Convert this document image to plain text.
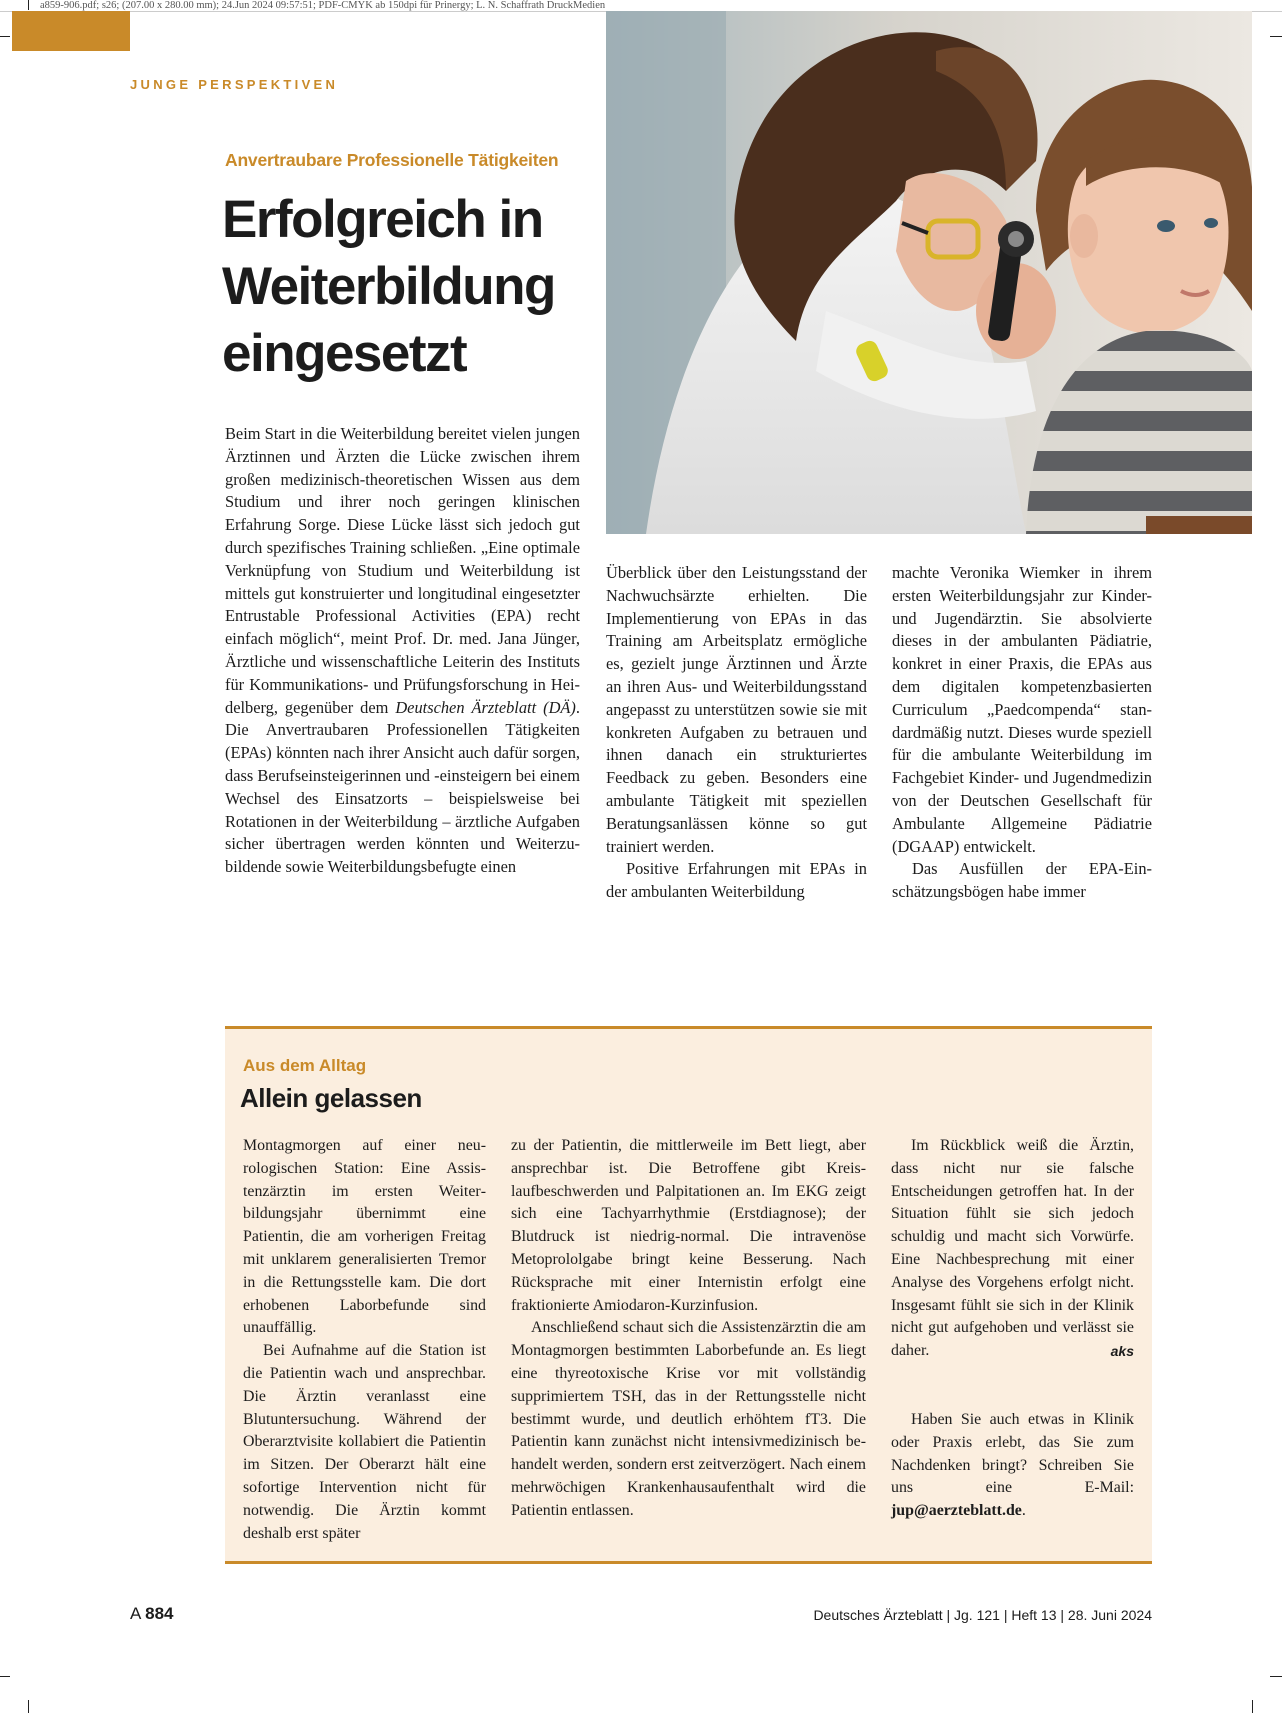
a859-906.pdf; s26; (207.00 x 280.00 mm); 24.Jun 2024 09:57:51; PDF-CMYK ab 150dpi für Prinergy; L. N. Schaffrath DruckMedien
JUNGE PERSPEKTIVEN
Anvertraubare Professionelle Tätigkeiten
Erfolgreich in
Weiterbildung
eingesetzt

Beim Start in die Weiterbildung bereitet vielen jungen Ärztinnen und Ärzten die Lücke zwischen ihrem großen medizinisch-theoretischen Wissen aus dem Studium und ihrer noch geringen klinischen Erfahrung Sorge. Diese Lücke lässt sich jedoch gut durch spezifisches Training schließen. „Eine optimale Verknüpfung von Studium und Weiterbildung ist mittels gut konstruierter und longitudinal eingesetzter Entrustable Professional Activities (EPA) recht einfach möglich“, meint Prof. Dr. med. Jana Jünger, Ärztliche und wissenschaftliche Leiterin des Instituts für Kommunikations- und Prüfungsforschung in Heidelberg, gegenüber dem Deutschen Ärzteblatt (DÄ). Die Anvertraubaren Professionellen Tätigkeiten (EPAs) könnten nach ihrer Ansicht auch dafür sorgen, dass Berufseinsteigerinnen und -einsteigern bei einem Wechsel des Einsatzorts – beispielsweise bei Rotationen in der Weiterbildung – ärztliche Aufgaben sicher übertragen werden könnten und Weiterzubildende sowie Weiterbildungsbefugte einen

Überblick über den Leistungsstand der Nachwuchsärzte erhielten. Die Implementierung von EPAs in das Training am Arbeitsplatz ermögliche es, gezielt junge Ärztinnen und Ärzte an ihren Aus- und Weiterbildungsstand angepasst zu unterstützen sowie sie mit konkreten Aufgaben zu betrauen und ihnen danach ein strukturiertes Feedback zu geben. Besonders eine ambulante Tätigkeit mit speziellen Beratungsanlässen könne so gut trainiert werden.

Positive Erfahrungen mit EPAs in der ambulanten Weiterbildung

machte Veronika Wiemker in ihrem ersten Weiterbildungsjahr zur Kinder- und Jugendärztin. Sie absolvierte dieses in der ambulanten Pädiatrie, konkret in einer Praxis, die EPAs aus dem digitalen kompetenzbasierten Curriculum „Paedcompenda“ standardmäßig nutzt. Dieses wurde speziell für die ambulante Weiterbildung im Fachgebiet Kinder- und Jugendmedizin von der Deutschen Gesellschaft für Ambulante Allgemeine Pädiatrie (DGAAP) entwickelt.

Das Ausfüllen der EPA-Einschätzungsbögen habe immer

Aus dem Alltag
Allein gelassen

Montagmorgen auf einer neurologischen Station: Eine Assistenzärztin im ersten Weiterbildungsjahr übernimmt eine Patientin, die am vorherigen Freitag mit unklarem generalisierten Tremor in die Rettungsstelle kam. Die dort erhobenen Laborbefunde sind unauffällig.

Bei Aufnahme auf die Station ist die Patientin wach und ansprechbar. Die Ärztin veranlasst eine Blutuntersuchung. Während der Oberarztvisite kollabiert die Patientin im Sitzen. Der Oberarzt hält eine sofortige Intervention nicht für notwendig. Die Ärztin kommt deshalb erst später

zu der Patientin, die mittlerweile im Bett liegt, aber ansprechbar ist. Die Betroffene gibt Kreislaufbeschwerden und Palpitationen an. Im EKG zeigt sich eine Tachyarrhythmie (Erstdiagnose); der Blutdruck ist niedrig-normal. Die intravenöse Metoprololgabe bringt keine Besserung. Nach Rücksprache mit einer Internistin erfolgt eine fraktionierte Amiodaron-Kurzinfusion.

Anschließend schaut sich die Assistenzärztin die am Montagmorgen bestimmten Laborbefunde an. Es liegt eine thyreotoxische Krise vor mit vollständig supprimiertem TSH, das in der Rettungsstelle nicht bestimmt wurde, und deutlich erhöhtem fT3. Die Patientin kann zunächst nicht intensivmedizinisch behandelt werden, sondern erst zeitverzögert. Nach einem mehrwöchigen Krankenhausaufenthalt wird die Patientin entlassen.

Im Rückblick weiß die Ärztin, dass nicht nur sie falsche Entscheidungen getroffen hat. In der Situation fühlt sie sich jedoch schuldig und macht sich Vorwürfe. Eine Nachbesprechung mit einer Analyse des Vorgehens erfolgt nicht. Insgesamt fühlt sie sich in der Klinik nicht gut aufgehoben und verlässt sie daher.	aks

Haben Sie auch etwas in Klinik oder Praxis erlebt, das Sie zum Nachdenken bringt? Schreiben Sie uns eine E-Mail: jup@aerzteblatt.de.

A 884	Deutsches Ärzteblatt | Jg. 121 | Heft 13 | 28. Juni 2024
